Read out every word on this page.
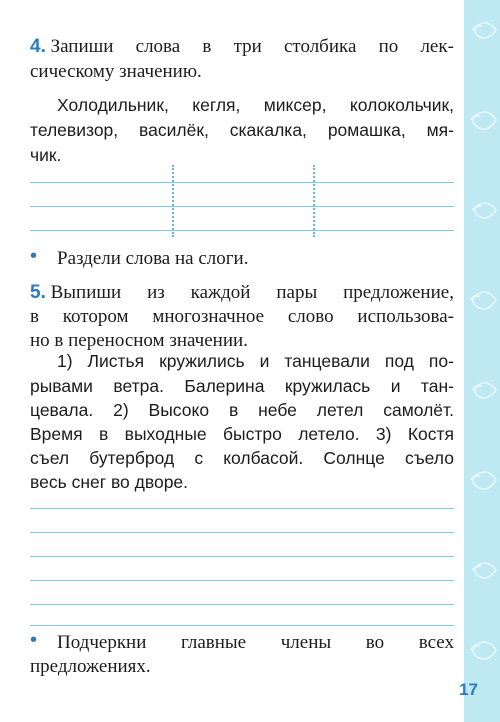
4. Запиши слова в три столбика по лек-
сическому значению.
Холодильник, кегля, миксер, колокольчик,
телевизор, василёк, скакалка, ромашка, мя-
чик.
• Раздели слова на слоги.
5. Выпиши из каждой пары предложение,
в котором многозначное слово использова-
но в переносном значении.
1) Листья кружились и танцевали под по-
рывами ветра. Балерина кружилась и тан-
цевала. 2) Высоко в небе летел самолёт.
Время в выходные быстро летело. 3) Костя
съел бутерброд с колбасой. Солнце съело
весь снег во дворе.
• Подчеркни главные члены во всех
предложениях.
17
